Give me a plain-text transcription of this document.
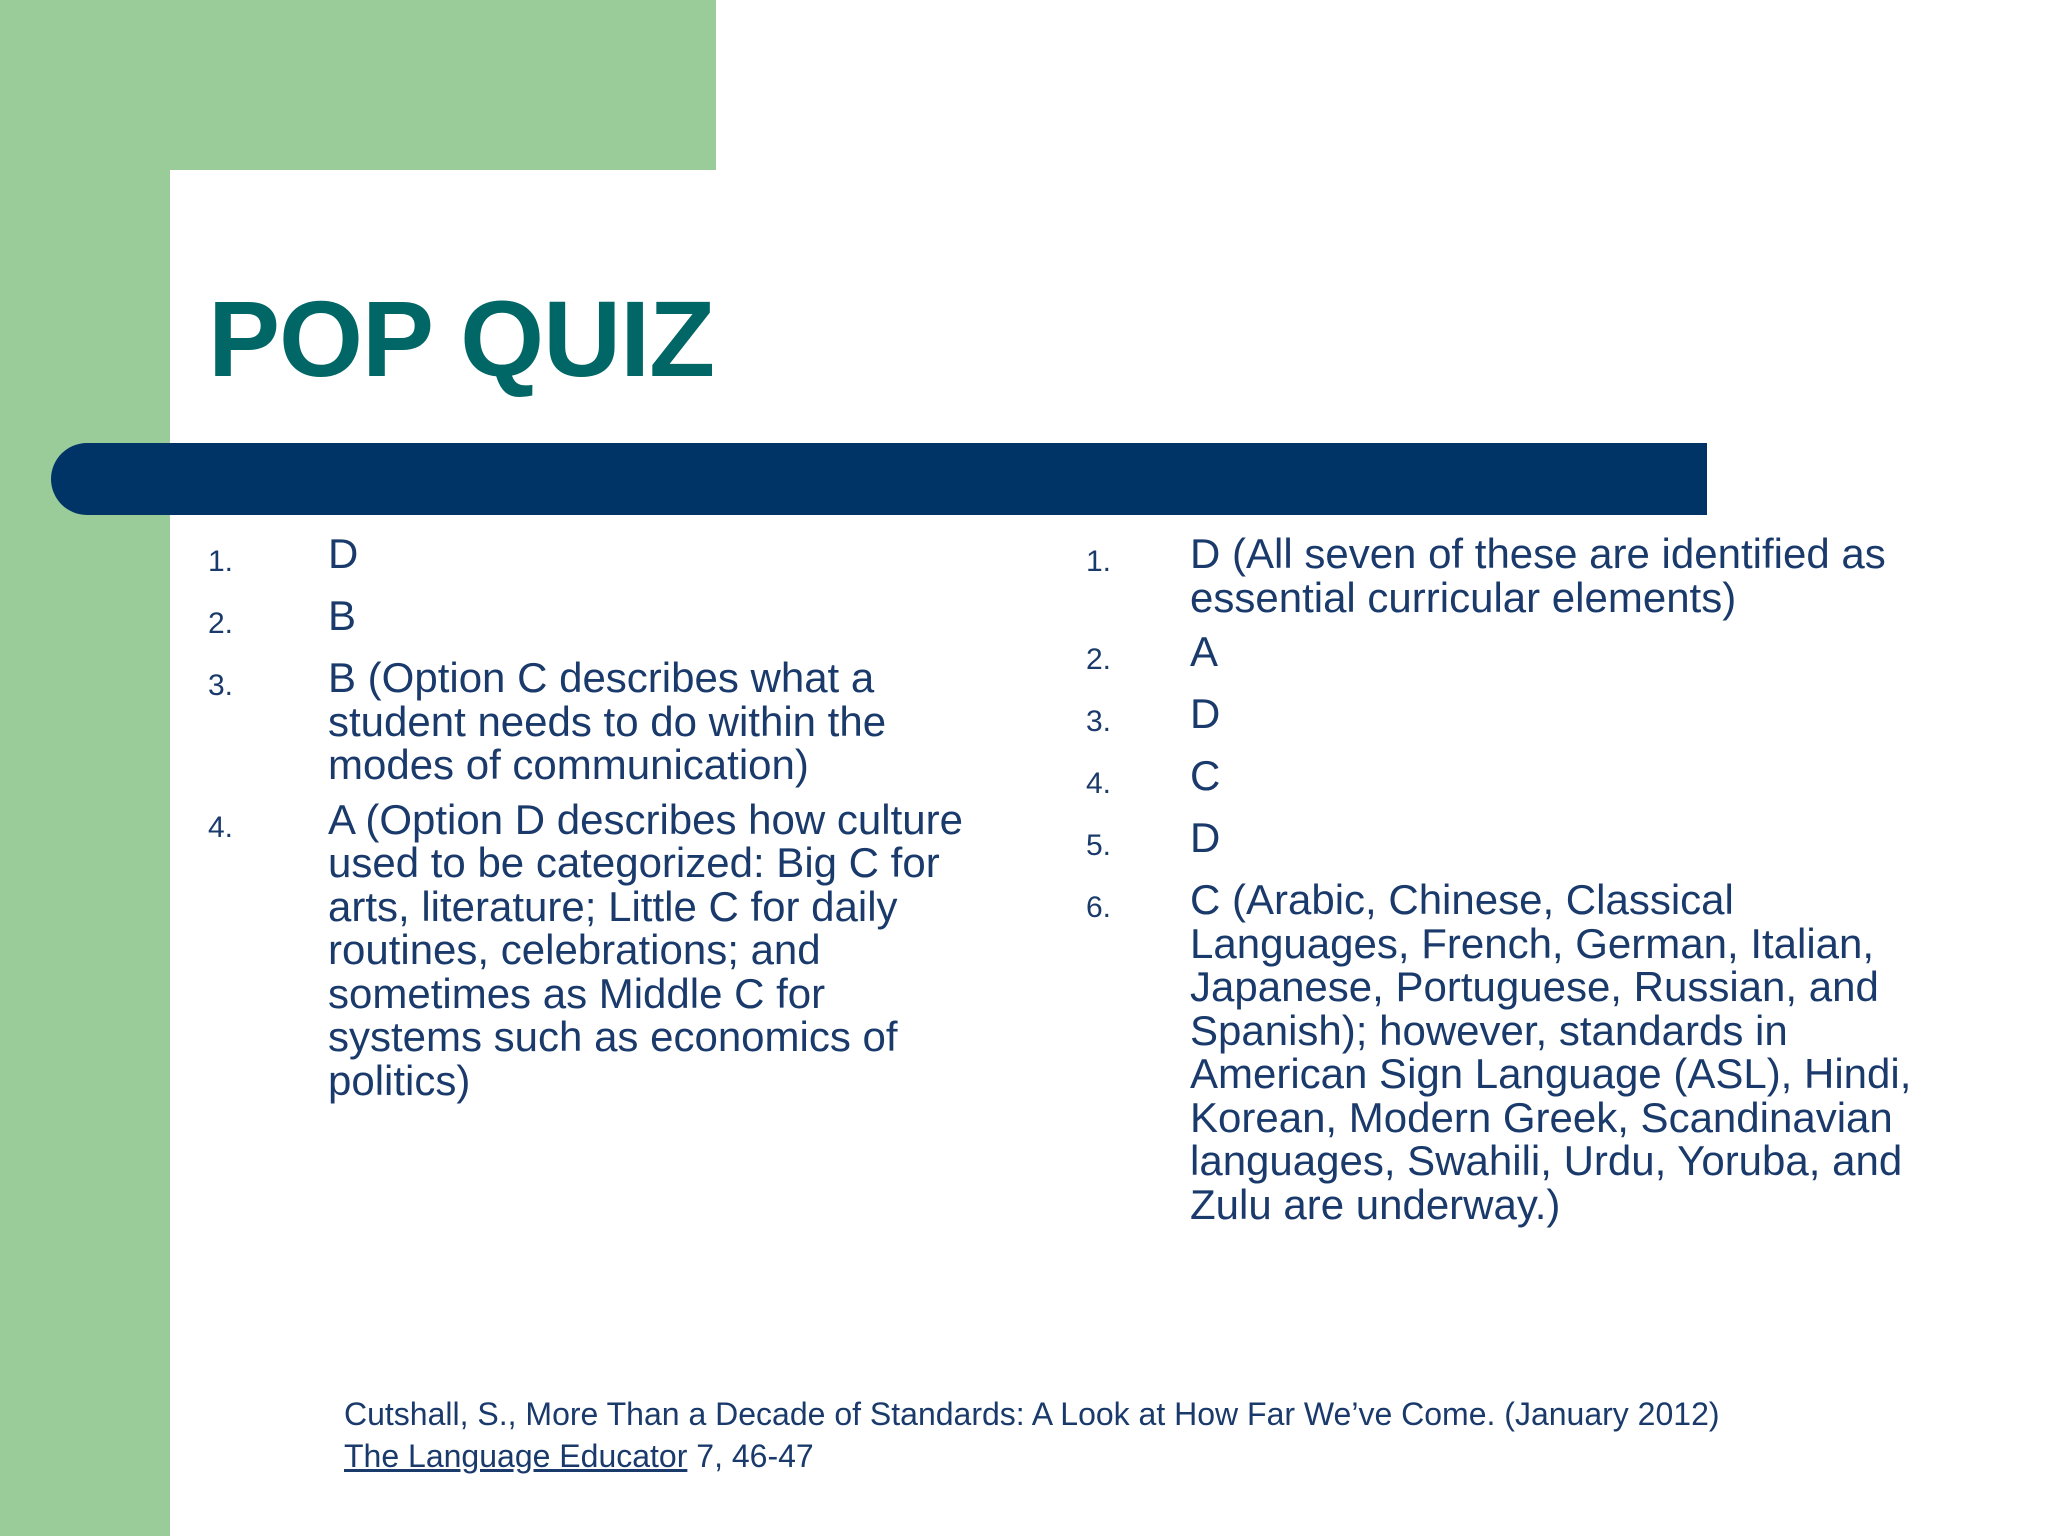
POP QUIZ
1.	D
2.	B
3.	B (Option C describes what a student needs to do within the modes of communication)
4.	A (Option D describes how culture used to be categorized: Big C for arts, literature; Little C for daily routines, celebrations; and sometimes as Middle C for systems such as economics of politics)
1.	D (All seven of these are identified as essential curricular elements)
2.	A
3.	D
4.	C
5.	D
6.	C (Arabic, Chinese, Classical Languages, French, German, Italian, Japanese, Portuguese, Russian, and Spanish); however, standards in American Sign Language (ASL), Hindi, Korean, Modern Greek, Scandinavian languages, Swahili, Urdu, Yoruba, and Zulu are underway.)
Cutshall, S., More Than a Decade of Standards: A Look at How Far We’ve Come. (January 2012)
The Language Educator 7, 46-47
